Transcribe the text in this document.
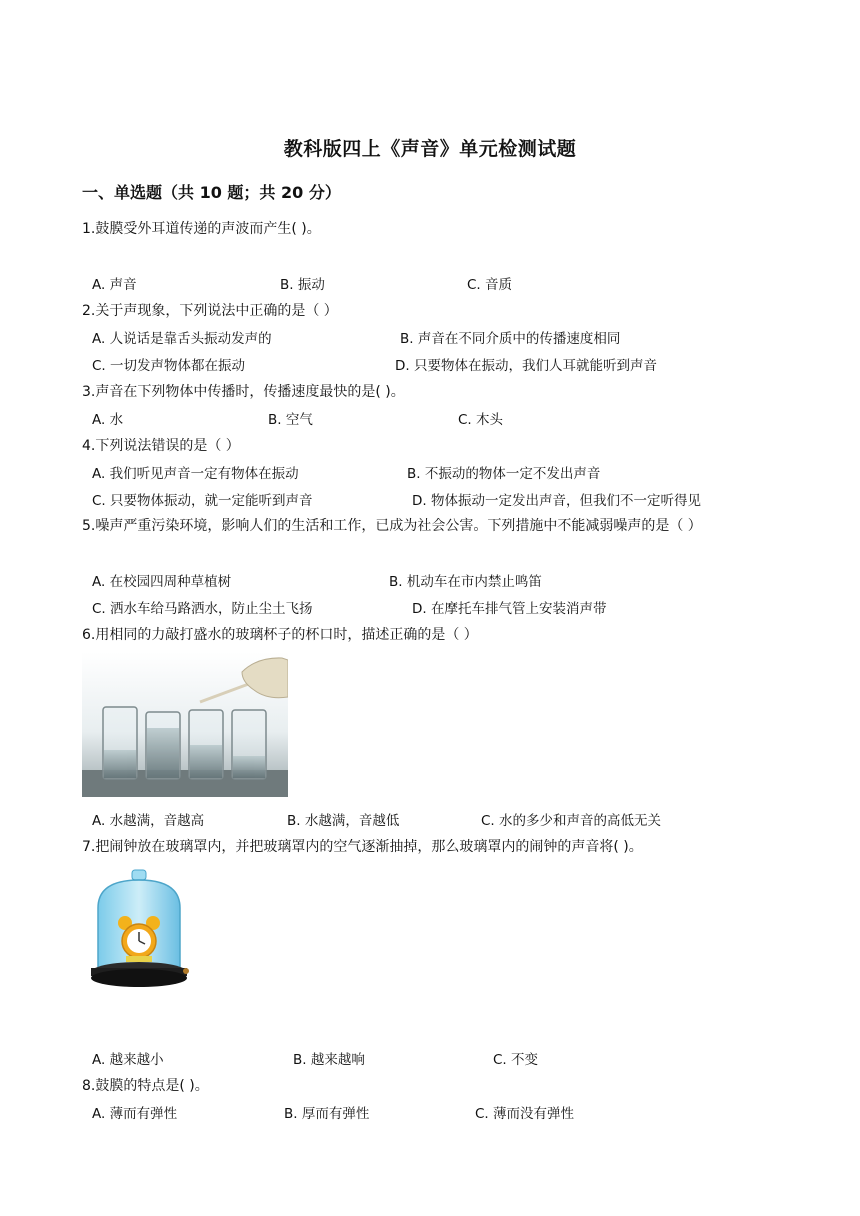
教科版四上《声音》单元检测试题
一、单选题（共 10 题；共 20 分）
1.鼓膜受外耳道传递的声波而产生( )。
A. 声音	B. 振动	C. 音质
2.关于声现象，下列说法中正确的是（ ）
A. 人说话是靠舌头振动发声的	B. 声音在不同介质中的传播速度相同
C. 一切发声物体都在振动	D. 只要物体在振动，我们人耳就能听到声音
3.声音在下列物体中传播时，传播速度最快的是( )。
A. 水	B. 空气	C. 木头
4.下列说法错误的是（ ）
A. 我们听见声音一定有物体在振动	B. 不振动的物体一定不发出声音
C. 只要物体振动，就一定能听到声音	D. 物体振动一定发出声音，但我们不一定听得见
5.噪声严重污染环境，影响人们的生活和工作，已成为社会公害。下列措施中不能减弱噪声的是（ ）
A. 在校园四周种草植树	B. 机动车在市内禁止鸣笛
C. 洒水车给马路洒水，防止尘土飞扬	D. 在摩托车排气管上安装消声带
6.用相同的力敲打盛水的玻璃杯子的杯口时，描述正确的是（ ）
A. 水越满，音越高	B. 水越满，音越低	C. 水的多少和声音的高低无关
7.把闹钟放在玻璃罩内，并把玻璃罩内的空气逐渐抽掉，那么玻璃罩内的闹钟的声音将( )。
A. 越来越小	B. 越来越响	C. 不变
8.鼓膜的特点是( )。
A. 薄而有弹性	B. 厚而有弹性	C. 薄而没有弹性
